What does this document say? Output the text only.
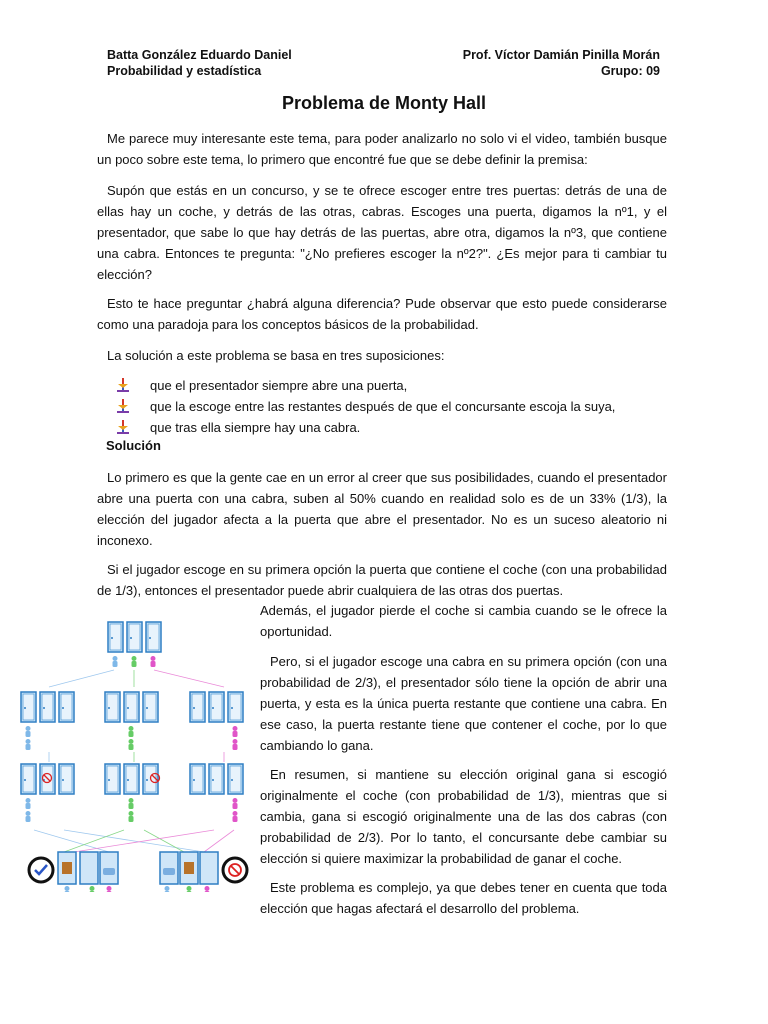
Batta González Eduardo Daniel
Probabilidad y estadística
Prof. Víctor Damián Pinilla Morán
Grupo: 09
Problema de Monty Hall

Me parece muy interesante este tema, para poder analizarlo no solo vi el video, también busque un poco sobre este tema, lo primero que encontré fue que se debe definir la premisa:

Supón que estás en un concurso, y se te ofrece escoger entre tres puertas: detrás de una de ellas hay un coche, y detrás de las otras, cabras. Escoges una puerta, digamos la nº1, y el presentador, que sabe lo que hay detrás de las puertas, abre otra, digamos la nº3, que contiene una cabra. Entonces te pregunta: "¿No prefieres escoger la nº2?". ¿Es mejor para ti cambiar tu elección?

Esto te hace preguntar ¿habrá alguna diferencia? Pude observar que esto puede considerarse como una paradoja para los conceptos básicos de la probabilidad.

La solución a este problema se basa en tres suposiciones:

que el presentador siempre abre una puerta,
que la escoge entre las restantes después de que el concursante escoja la suya,
que tras ella siempre hay una cabra.
Solución

Lo primero es que la gente cae en un error al creer que sus posibilidades, cuando el presentador abre una puerta con una cabra, suben al 50% cuando en realidad solo es de un 33% (1/3), la elección del jugador afecta a la puerta que abre el presentador. No es un suceso aleatorio ni inconexo.

Si el jugador escoge en su primera opción la puerta que contiene el coche (con una probabilidad de 1/3), entonces el presentador puede abrir cualquiera de las otras dos puertas.

Además, el jugador pierde el coche si cambia cuando se le ofrece la oportunidad.

Pero, si el jugador escoge una cabra en su primera opción (con una probabilidad de 2/3), el presentador sólo tiene la opción de abrir una puerta, y esta es la única puerta restante que contiene una cabra. En ese caso, la puerta restante tiene que contener el coche, por lo que cambiando lo gana.

En resumen, si mantiene su elección original gana si escogió originalmente el coche (con probabilidad de 1/3), mientras que si cambia, gana si escogió originalmente una de las dos cabras (con probabilidad de 2/3). Por lo tanto, el concursante debe cambiar su elección si quiere maximizar la probabilidad de ganar el coche.

Este problema es complejo, ya que debes tener en cuenta que toda elección que hagas afectará el desarrollo del problema.
